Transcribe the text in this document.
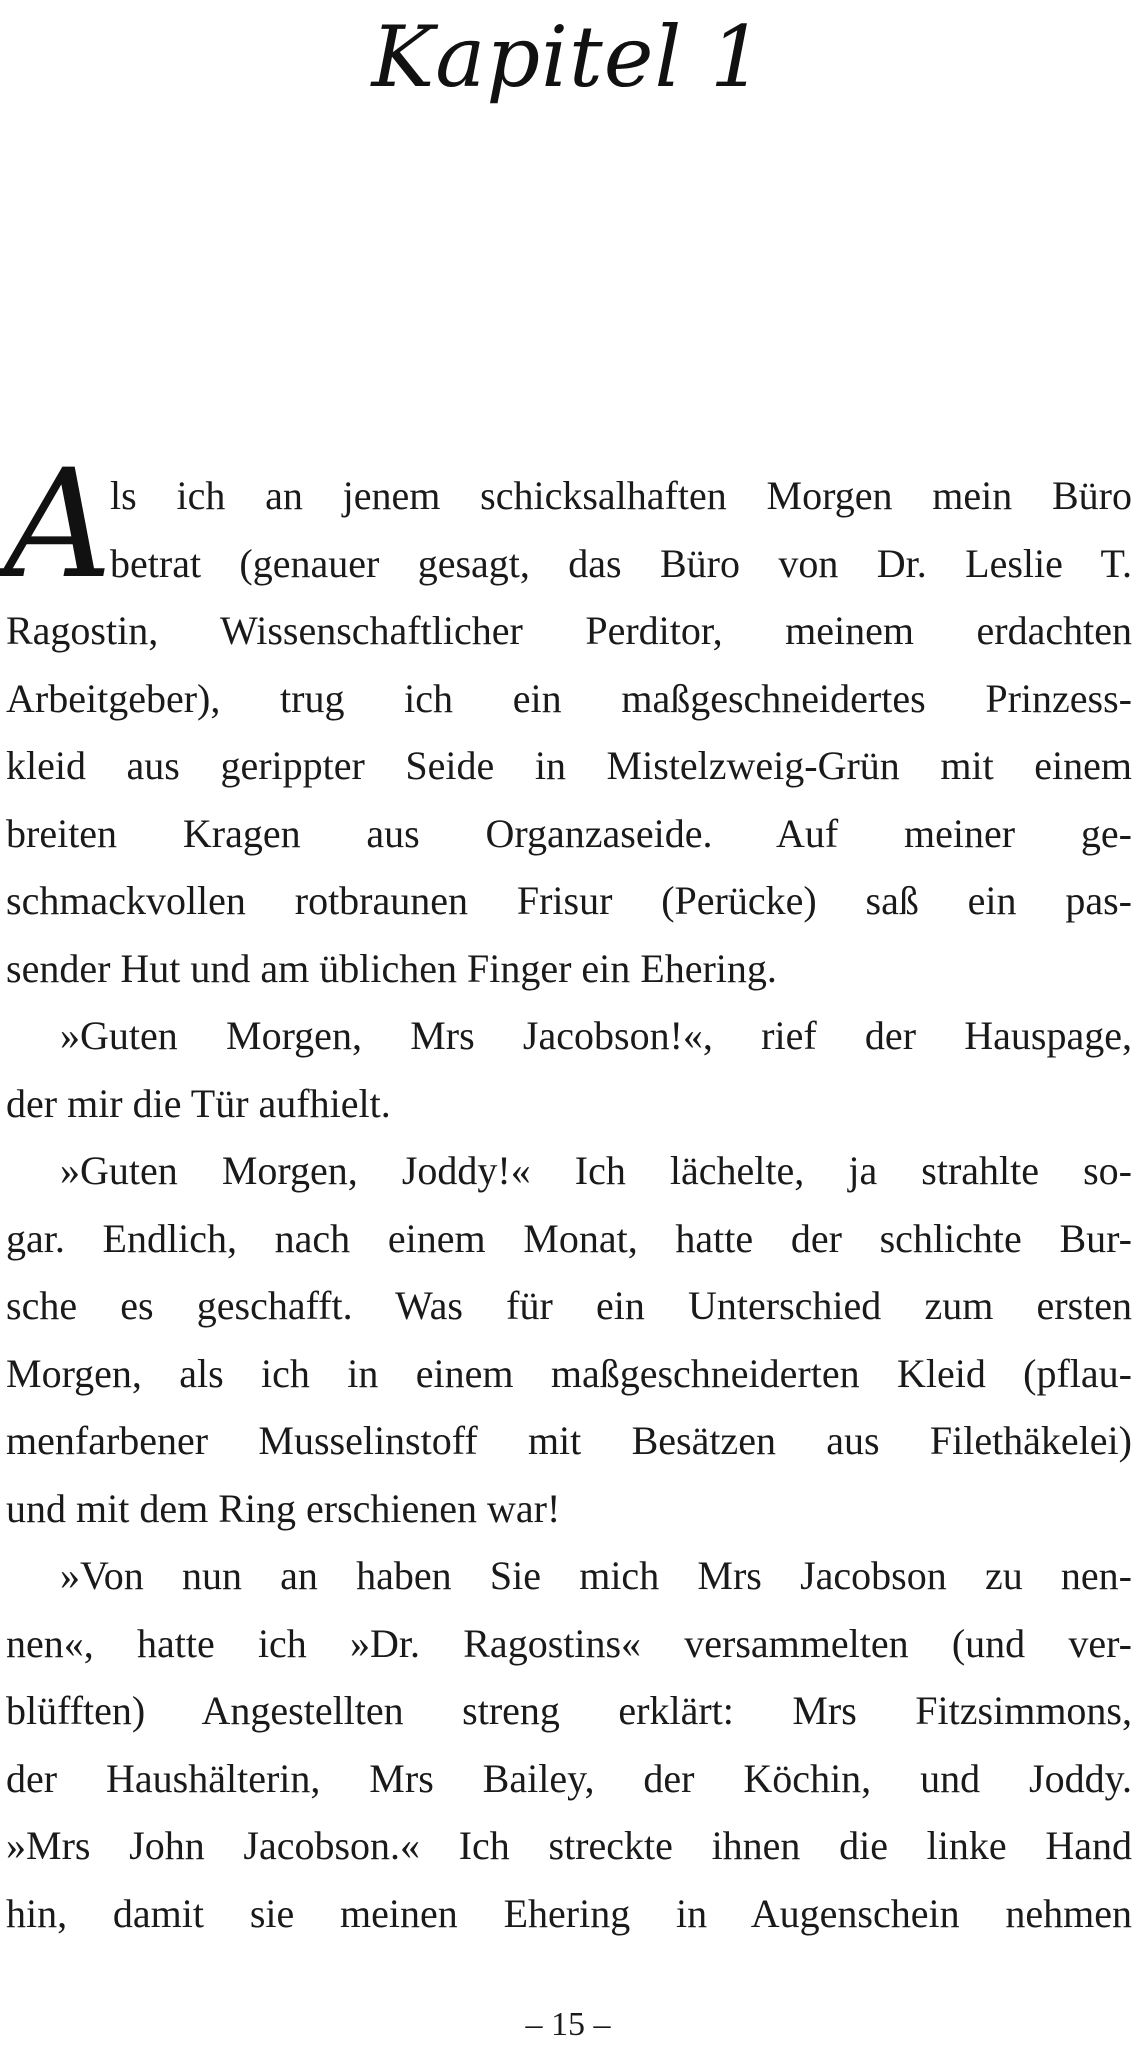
Kapitel 1
A
ls ich an jenem schicksalhaften Morgen mein Büro
betrat (genauer gesagt, das Büro von Dr. Leslie T.
Ragostin, Wissenschaftlicher Perditor, meinem erdachten
Arbeitgeber), trug ich ein maßgeschneidertes Prinzess-
kleid aus gerippter Seide in Mistelzweig-Grün mit einem
breiten Kragen aus Organzaseide. Auf meiner ge-
schmackvollen rotbraunen Frisur (Perücke) saß ein pas-
sender Hut und am üblichen Finger ein Ehering.
»Guten Morgen, Mrs Jacobson!«, rief der Hauspage,
der mir die Tür aufhielt.
»Guten Morgen, Joddy!« Ich lächelte, ja strahlte so-
gar. Endlich, nach einem Monat, hatte der schlichte Bur-
sche es geschafft. Was für ein Unterschied zum ersten
Morgen, als ich in einem maßgeschneiderten Kleid (pflau-
menfarbener Musselinstoff mit Besätzen aus Filethäkelei)
und mit dem Ring erschienen war!
»Von nun an haben Sie mich Mrs Jacobson zu nen-
nen«, hatte ich »Dr. Ragostins« versammelten (und ver-
blüfften) Angestellten streng erklärt: Mrs Fitzsimmons,
der Haushälterin, Mrs Bailey, der Köchin, und Joddy.
»Mrs John Jacobson.« Ich streckte ihnen die linke Hand
hin, damit sie meinen Ehering in Augenschein nehmen
– 15 –
